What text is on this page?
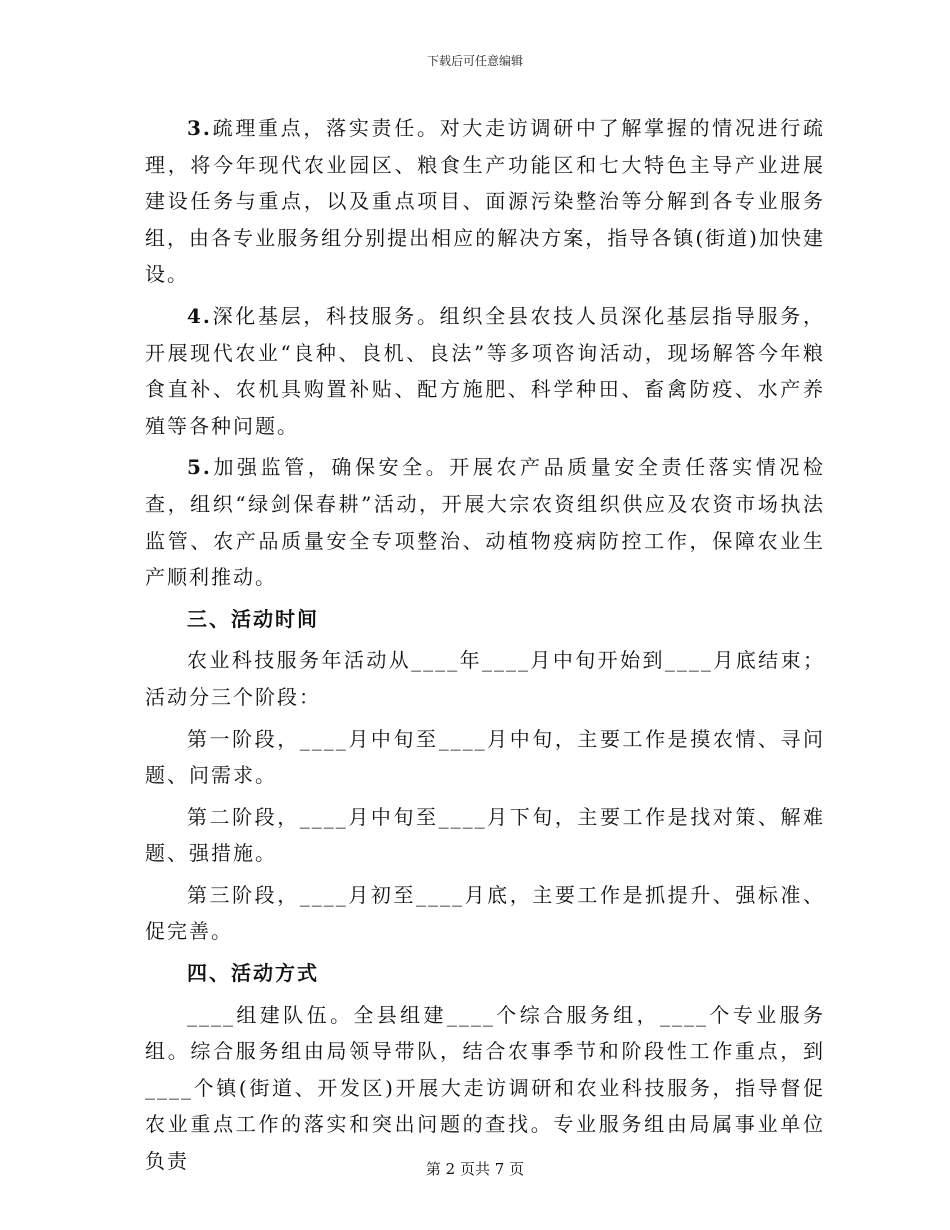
下载后可任意编辑

3.疏理重点，落实责任。对大走访调研中了解掌握的情况进行疏理，将今年现代农业园区、粮食生产功能区和七大特色主导产业进展建设任务与重点，以及重点项目、面源污染整治等分解到各专业服务组，由各专业服务组分别提出相应的解决方案，指导各镇(街道)加快建设。

4.深化基层，科技服务。组织全县农技人员深化基层指导服务，开展现代农业“良种、良机、良法”等多项咨询活动，现场解答今年粮食直补、农机具购置补贴、配方施肥、科学种田、畜禽防疫、水产养殖等各种问题。

5.加强监管，确保安全。开展农产品质量安全责任落实情况检查，组织“绿剑保春耕”活动，开展大宗农资组织供应及农资市场执法监管、农产品质量安全专项整治、动植物疫病防控工作，保障农业生产顺利推动。

三、活动时间

农业科技服务年活动从____年____月中旬开始到____月底结束；活动分三个阶段：

第一阶段，____月中旬至____月中旬，主要工作是摸农情、寻问题、问需求。

第二阶段，____月中旬至____月下旬，主要工作是找对策、解难题、强措施。

第三阶段，____月初至____月底，主要工作是抓提升、强标准、促完善。

四、活动方式

____组建队伍。全县组建____个综合服务组，____个专业服务组。综合服务组由局领导带队，结合农事季节和阶段性工作重点，到____个镇(街道、开发区)开展大走访调研和农业科技服务，指导督促农业重点工作的落实和突出问题的查找。专业服务组由局属事业单位负责	第 2 页共 7 页
